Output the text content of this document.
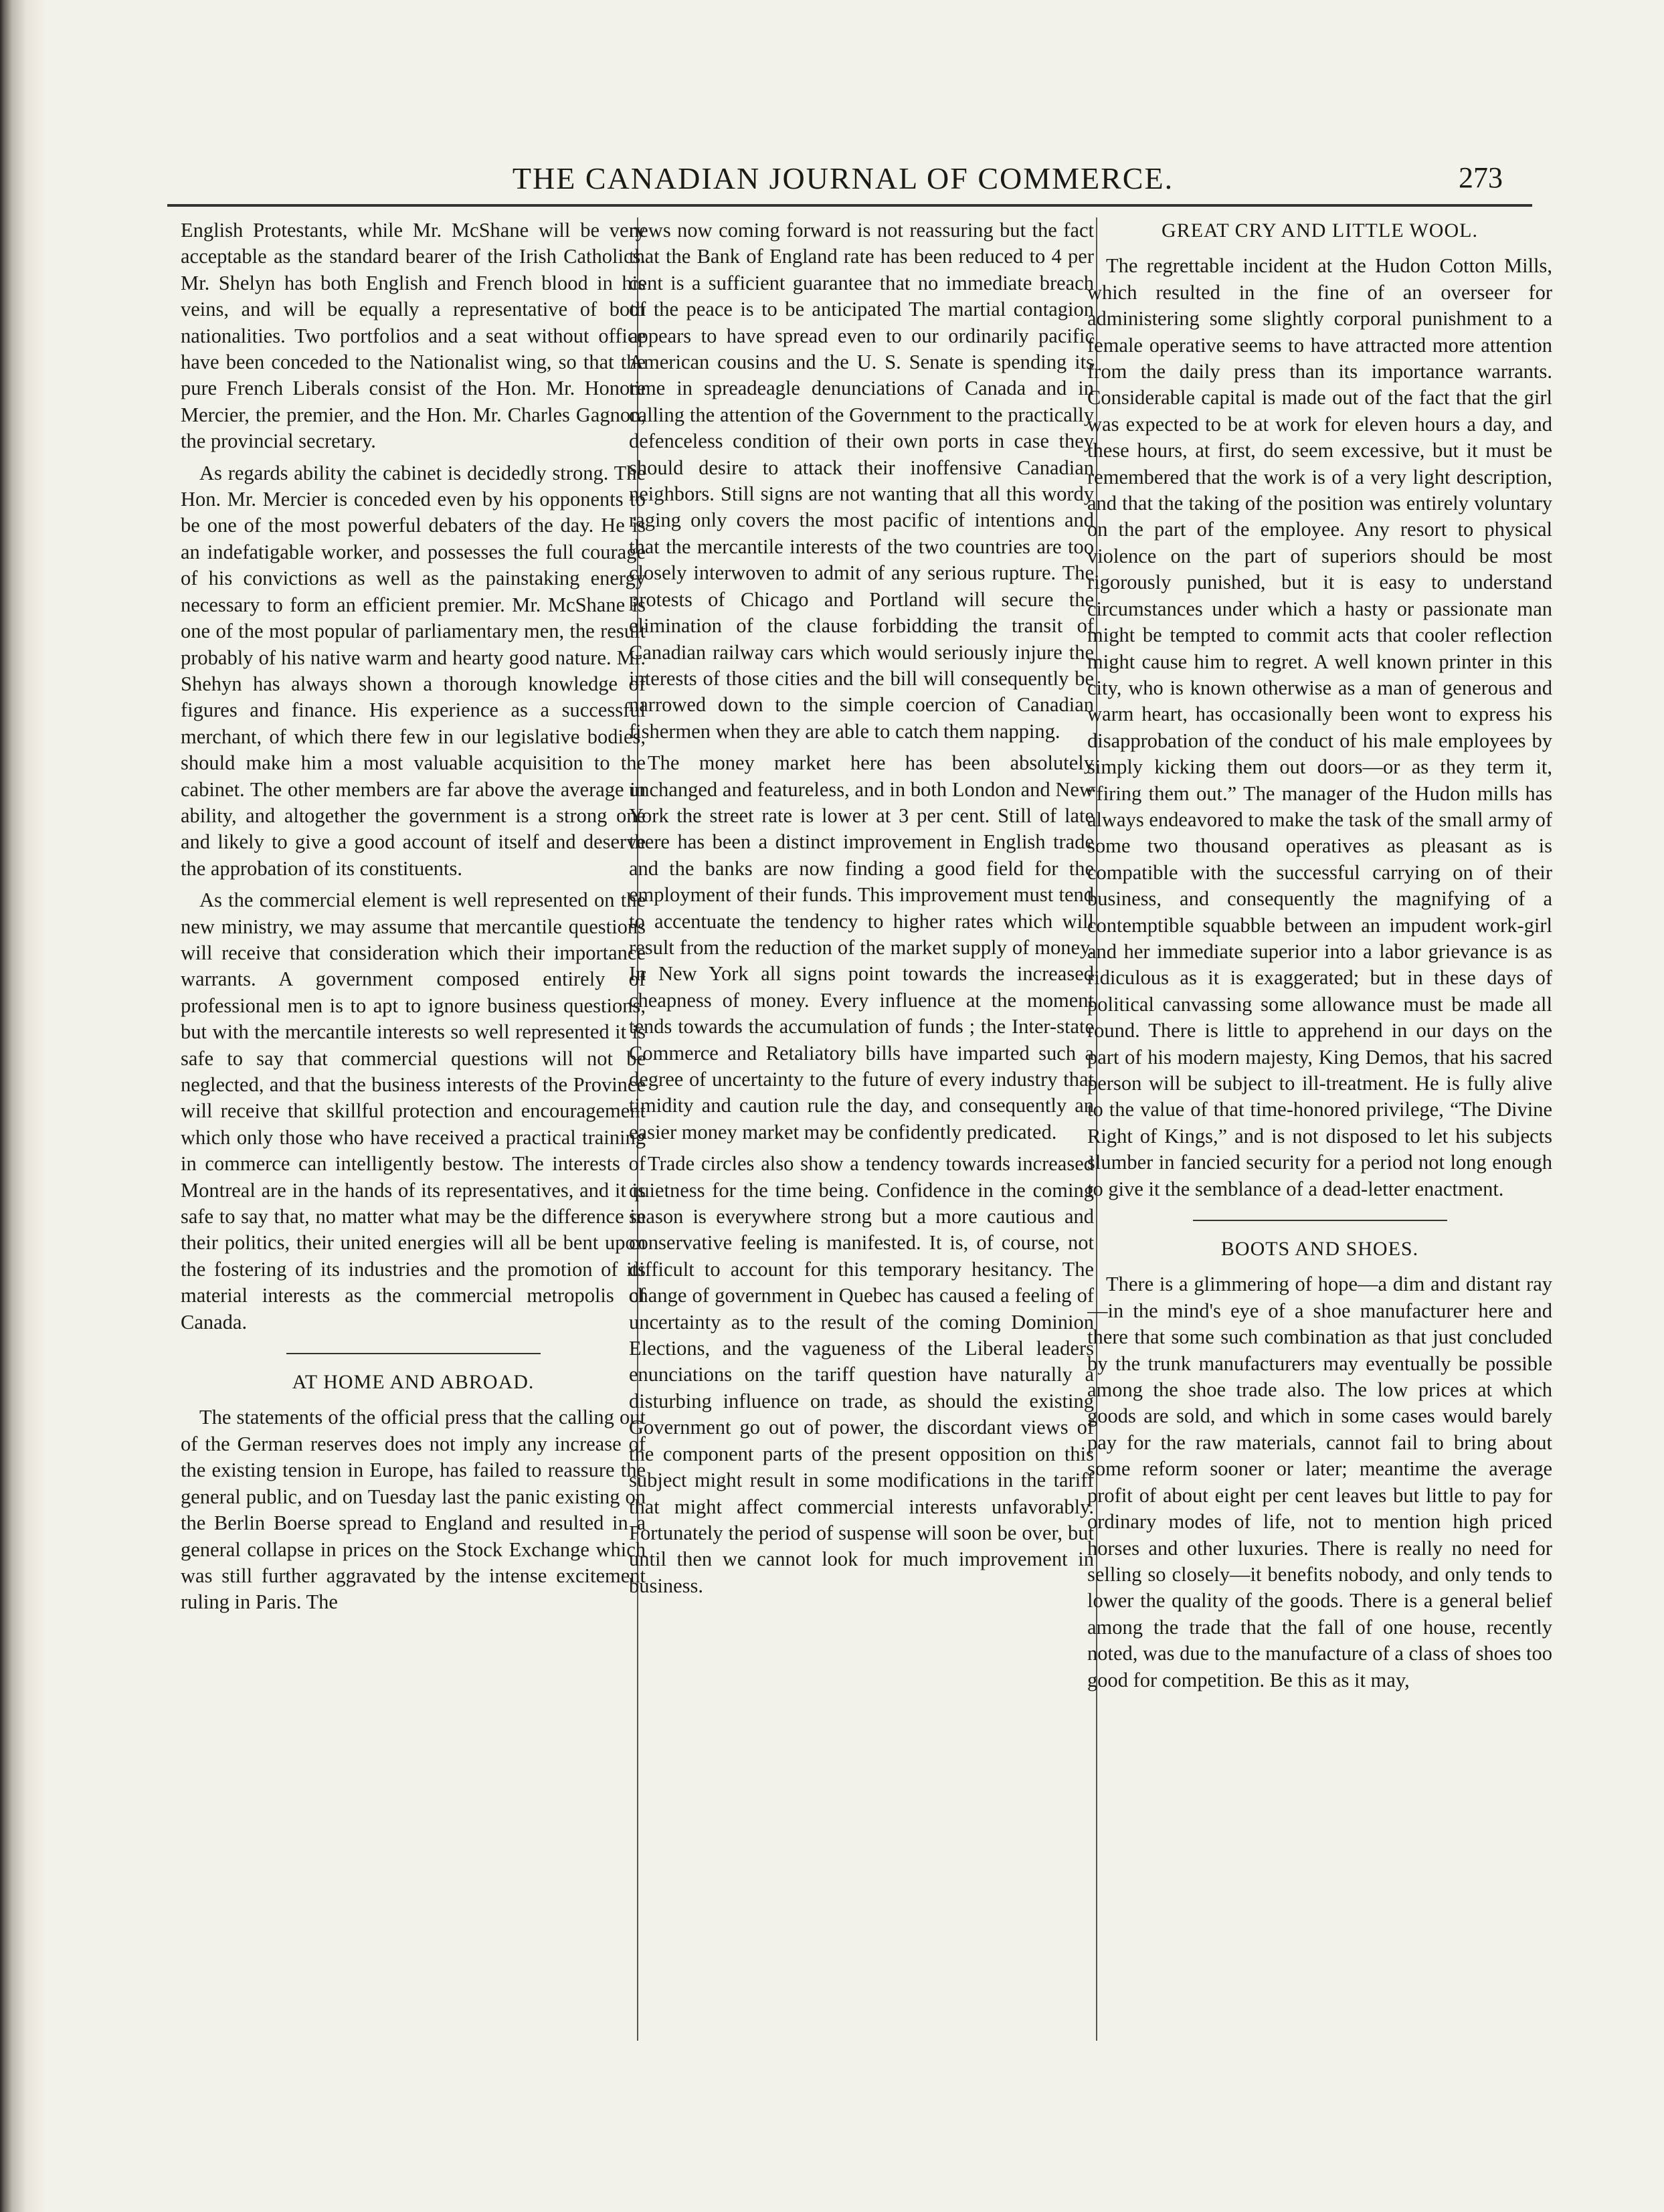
THE CANADIAN JOURNAL OF COMMERCE.	273

English Protestants, while Mr. McShane will be very acceptable as the standard bearer of the Irish Catholics. Mr. Shelyn has both English and French blood in his veins, and will be equally a representative of both nationalities. Two portfolios and a seat without office have been conceded to the Nationalist wing, so that the pure French Liberals consist of the Hon. Mr. Honore Mercier, the premier, and the Hon. Mr. Charles Gagnon, the provincial secretary.

As regards ability the cabinet is decidedly strong. The Hon. Mr. Mercier is conceded even by his opponents to be one of the most powerful debaters of the day. He is an indefatigable worker, and possesses the full courage of his convictions as well as the painstaking energy necessary to form an efficient premier. Mr. McShane is one of the most popular of parliamentary men, the result probably of his native warm and hearty good nature. Mr. Shehyn has always shown a thorough knowledge of figures and finance. His experience as a successful merchant, of which there few in our legislative bodies, should make him a most valuable acquisition to the cabinet. The other members are far above the average in ability, and altogether the government is a strong one and likely to give a good account of itself and deserve the approbation of its constituents.

As the commercial element is well represented on the new ministry, we may assume that mercantile questions will receive that consideration which their importance warrants. A government composed entirely of professional men is to apt to ignore business questions, but with the mercantile interests so well represented it is safe to say that commercial questions will not be neglected, and that the business interests of the Province will receive that skillful protection and encouragement which only those who have received a practical training in commerce can intelligently bestow. The interests of Montreal are in the hands of its representatives, and it is safe to say that, no matter what may be the difference in their politics, their united energies will all be bent upon the fostering of its industries and the promotion of its material interests as the commercial metropolis of Canada.

AT HOME AND ABROAD.

The statements of the official press that the calling out of the German reserves does not imply any increase of the existing tension in Europe, has failed to reassure the general public, and on Tuesday last the panic existing on the Berlin Boerse spread to England and resulted in a general collapse in prices on the Stock Exchange which was still further aggravated by the intense excitement ruling in Paris. The

news now coming forward is not reassuring but the fact that the Bank of England rate has been reduced to 4 per cent is a sufficient guarantee that no immediate breach of the peace is to be anticipated The martial contagion appears to have spread even to our ordinarily pacific American cousins and the U. S. Senate is spending its time in spreadeagle denunciations of Canada and in calling the attention of the Government to the practically defenceless condition of their own ports in case they should desire to attack their inoffensive Canadian neighbors. Still signs are not wanting that all this wordy raging only covers the most pacific of intentions and that the mercantile interests of the two countries are too closely interwoven to admit of any serious rupture. The protests of Chicago and Portland will secure the elimination of the clause forbidding the transit of Canadian railway cars which would seriously injure the interests of those cities and the bill will consequently be narrowed down to the simple coercion of Canadian fishermen when they are able to catch them napping.

The money market here has been absolutely unchanged and featureless, and in both London and New York the street rate is lower at 3 per cent. Still of late there has been a distinct improvement in English trade and the banks are now finding a good field for the employment of their funds. This improvement must tend to accentuate the tendency to higher rates which will result from the reduction of the market supply of money. In New York all signs point towards the increased cheapness of money. Every influence at the moment tends towards the accumulation of funds ; the Inter-state Commerce and Retaliatory bills have imparted such a degree of uncertainty to the future of every industry that timidity and caution rule the day, and consequently an easier money market may be confidently predicated.

Trade circles also show a tendency towards increased quietness for the time being. Confidence in the coming season is everywhere strong but a more cautious and conservative feeling is manifested. It is, of course, not difficult to account for this temporary hesitancy. The change of government in Quebec has caused a feeling of uncertainty as to the result of the coming Dominion Elections, and the vagueness of the Liberal leaders enunciations on the tariff question have naturally a disturbing influence on trade, as should the existing Government go out of power, the discordant views of the component parts of the present opposition on this subject might result in some modifications in the tariff that might affect commercial interests unfavorably. Fortunately the period of suspense will soon be over, but until then we cannot look for much improvement in business.

GREAT CRY AND LITTLE WOOL.

The regrettable incident at the Hudon Cotton Mills, which resulted in the fine of an overseer for administering some slightly corporal punishment to a female operative seems to have attracted more attention from the daily press than its importance warrants. Considerable capital is made out of the fact that the girl was expected to be at work for eleven hours a day, and these hours, at first, do seem excessive, but it must be remembered that the work is of a very light description, and that the taking of the position was entirely voluntary on the part of the employee. Any resort to physical violence on the part of superiors should be most rigorously punished, but it is easy to understand circumstances under which a hasty or passionate man might be tempted to commit acts that cooler reflection might cause him to regret. A well known printer in this city, who is known otherwise as a man of generous and warm heart, has occasionally been wont to express his disapprobation of the conduct of his male employees by simply kicking them out doors—or as they term it, “firing them out.” The manager of the Hudon mills has always endeavored to make the task of the small army of some two thousand operatives as pleasant as is compatible with the successful carrying on of their business, and consequently the magnifying of a contemptible squabble between an impudent work-girl and her immediate superior into a labor grievance is as ridiculous as it is exaggerated; but in these days of political canvassing some allowance must be made all round. There is little to apprehend in our days on the part of his modern majesty, King Demos, that his sacred person will be subject to ill-treatment. He is fully alive to the value of that time-honored privilege, “The Divine Right of Kings,” and is not disposed to let his subjects slumber in fancied security for a period not long enough to give it the semblance of a dead-letter enactment.

BOOTS AND SHOES.

There is a glimmering of hope—a dim and distant ray—in the mind's eye of a shoe manufacturer here and there that some such combination as that just concluded by the trunk manufacturers may eventually be possible among the shoe trade also. The low prices at which goods are sold, and which in some cases would barely pay for the raw materials, cannot fail to bring about some reform sooner or later; meantime the average profit of about eight per cent leaves but little to pay for ordinary modes of life, not to mention high priced horses and other luxuries. There is really no need for selling so closely—it benefits nobody, and only tends to lower the quality of the goods. There is a general belief among the trade that the fall of one house, recently noted, was due to the manufacture of a class of shoes too good for competition. Be this as it may,
